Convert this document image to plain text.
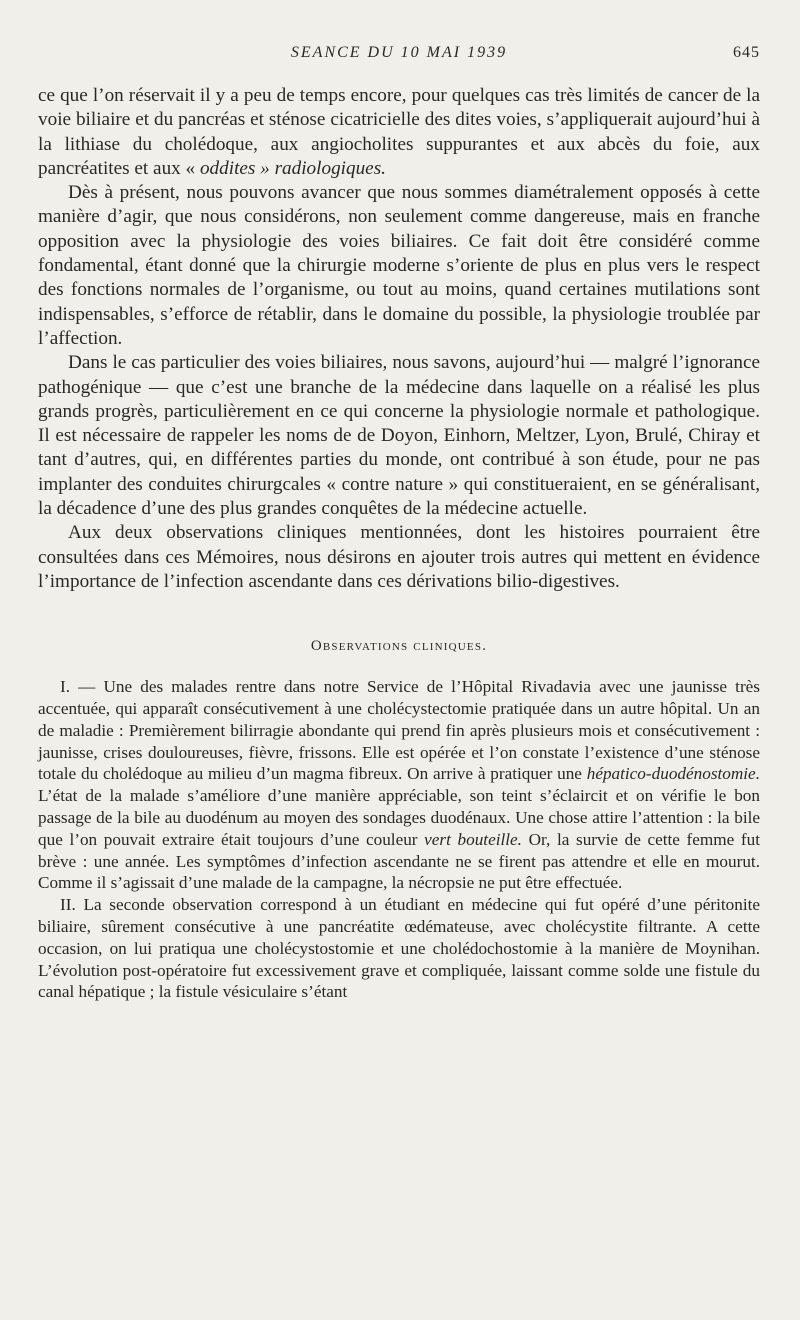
SEANCE DU 10 MAI 1939	645

ce que l’on réservait il y a peu de temps encore, pour quelques cas très limités de cancer de la voie biliaire et du pancréas et sténose cicatricielle des dites voies, s’appliquerait aujourd’hui à la lithiase du cholédoque, aux angiocholites suppurantes et aux abcès du foie, aux pancréatites et aux « oddites » radiologiques.

Dès à présent, nous pouvons avancer que nous sommes diamétralement opposés à cette manière d’agir, que nous considérons, non seulement comme dangereuse, mais en franche opposition avec la physiologie des voies biliaires. Ce fait doit être considéré comme fondamental, étant donné que la chirurgie moderne s’oriente de plus en plus vers le respect des fonctions normales de l’organisme, ou tout au moins, quand certaines mutilations sont indispensables, s’efforce de rétablir, dans le domaine du possible, la physiologie troublée par l’affection.

Dans le cas particulier des voies biliaires, nous savons, aujourd’hui — malgré l’ignorance pathogénique — que c’est une branche de la médecine dans laquelle on a réalisé les plus grands progrès, particulièrement en ce qui concerne la physiologie normale et pathologique. Il est nécessaire de rappeler les noms de de Doyon, Einhorn, Meltzer, Lyon, Brulé, Chiray et tant d’autres, qui, en différentes parties du monde, ont contribué à son étude, pour ne pas implanter des conduites chirurgcales « contre nature » qui constitueraient, en se généralisant, la décadence d’une des plus grandes conquêtes de la médecine actuelle.

Aux deux observations cliniques mentionnées, dont les histoires pourraient être consultées dans ces Mémoires, nous désirons en ajouter trois autres qui mettent en évidence l’importance de l’infection ascendante dans ces dérivations bilio-digestives.

Observations cliniques.

I. — Une des malades rentre dans notre Service de l’Hôpital Rivadavia avec une jaunisse très accentuée, qui apparaît consécutivement à une cholécystectomie pratiquée dans un autre hôpital. Un an de maladie : Premièrement bilirragie abondante qui prend fin après plusieurs mois et consécutivement : jaunisse, crises douloureuses, fièvre, frissons. Elle est opérée et l’on constate l’existence d’une sténose totale du cholédoque au milieu d’un magma fibreux. On arrive à pratiquer une hépatico-duodénostomie. L’état de la malade s’améliore d’une manière appréciable, son teint s’éclaircit et on vérifie le bon passage de la bile au duodénum au moyen des sondages duodénaux. Une chose attire l’attention : la bile que l’on pouvait extraire était toujours d’une couleur vert bouteille. Or, la survie de cette femme fut brève : une année. Les symptômes d’infection ascendante ne se firent pas attendre et elle en mourut. Comme il s’agissait d’une malade de la campagne, la nécropsie ne put être effectuée.

II. La seconde observation correspond à un étudiant en médecine qui fut opéré d’une péritonite biliaire, sûrement consécutive à une pancréatite œdémateuse, avec cholécystite filtrante. A cette occasion, on lui pratiqua une cholécystostomie et une cholédochostomie à la manière de Moynihan. L’évolution post-opératoire fut excessivement grave et compliquée, laissant comme solde une fistule du canal hépatique ; la fistule vésiculaire s’étant
